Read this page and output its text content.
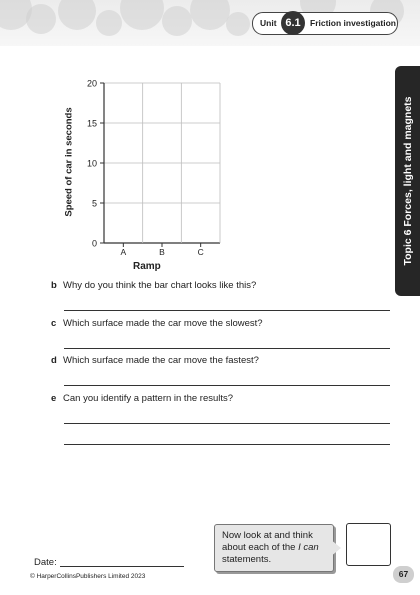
Unit 6.1	Friction investigation
Topic 6 Forces, light and magnets
Speed of car in seconds
0
5
10
15
20
A	B	C
Ramp
b Why do you think the bar chart looks like this?
c Which surface made the car move the slowest?
d Which surface made the car move the fastest?
e Can you identify a pattern in the results?
Now look at and think
about each of the I can
statements.
Date:
© HarperCollinsPublishers Limited 2023	67
